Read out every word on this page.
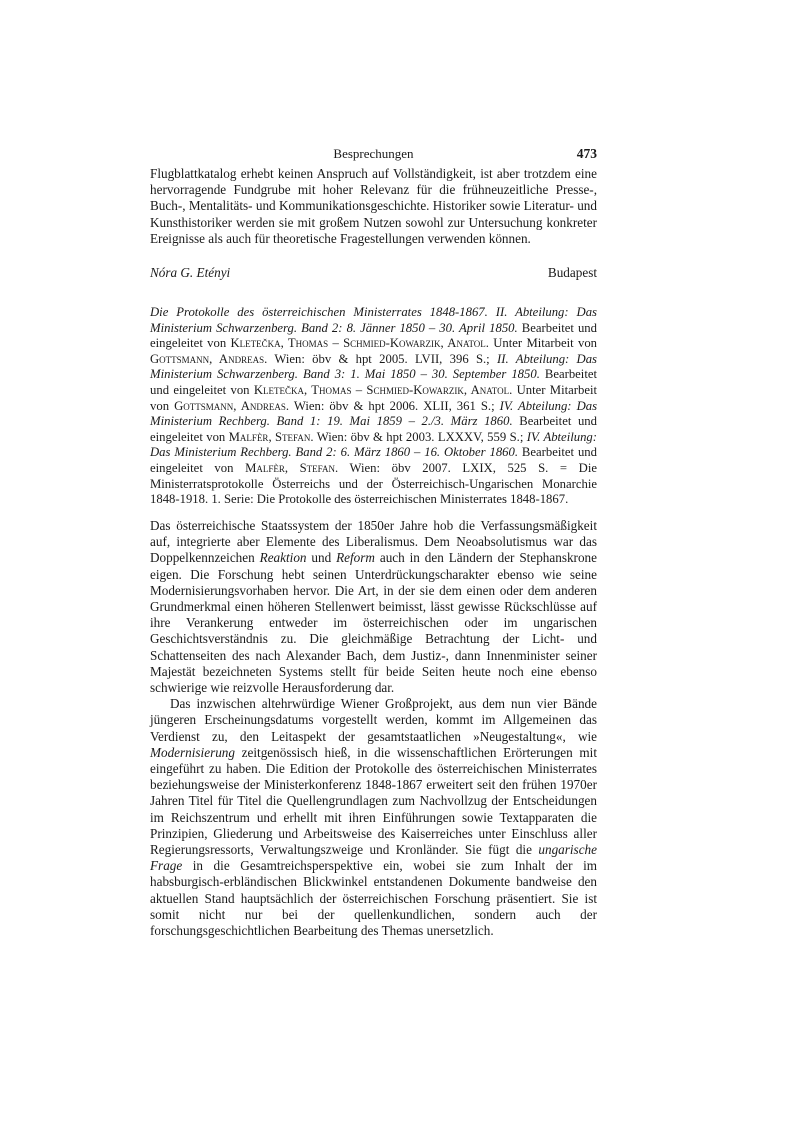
Besprechungen	473

Flugblattkatalog erhebt keinen Anspruch auf Vollständigkeit, ist aber trotzdem eine hervorragende Fundgrube mit hoher Relevanz für die frühneuzeitliche Presse-, Buch-, Mentalitäts- und Kommunikationsgeschichte. Historiker sowie Literatur- und Kunsthistoriker werden sie mit großem Nutzen sowohl zur Untersuchung konkreter Ereignisse als auch für theoretische Fragestellungen verwenden können.

Nóra G. Etényi	Budapest

Die Protokolle des österreichischen Ministerrates 1848-1867. II. Abteilung: Das Ministerium Schwarzenberg. Band 2: 8. Jänner 1850 – 30. April 1850. Bearbeitet und eingeleitet von Kletečka, Thomas – Schmied-Kowarzik, Anatol. Unter Mitarbeit von Gottsmann, Andreas. Wien: öbv & hpt 2005. LVII, 396 S.; II. Abteilung: Das Ministerium Schwarzenberg. Band 3: 1. Mai 1850 – 30. September 1850. Bearbeitet und eingeleitet von Kletečka, Thomas – Schmied-Kowarzik, Anatol. Unter Mitarbeit von Gottsmann, Andreas. Wien: öbv & hpt 2006. XLII, 361 S.; IV. Abteilung: Das Ministerium Rechberg. Band 1: 19. Mai 1859 – 2./3. März 1860. Bearbeitet und eingeleitet von Malfèr, Stefan. Wien: öbv & hpt 2003. LXXXV, 559 S.; IV. Abteilung: Das Ministerium Rechberg. Band 2: 6. März 1860 – 16. Oktober 1860. Bearbeitet und eingeleitet von Malfèr, Stefan. Wien: öbv 2007. LXIX, 525 S. = Die Ministerratsprotokolle Österreichs und der Österreichisch-Ungarischen Monarchie 1848-1918. 1. Serie: Die Protokolle des österreichischen Ministerrates 1848-1867.

Das österreichische Staatssystem der 1850er Jahre hob die Verfassungsmäßigkeit auf, integrierte aber Elemente des Liberalismus. Dem Neoabsolutismus war das Doppelkennzeichen Reaktion und Reform auch in den Ländern der Stephanskrone eigen. Die Forschung hebt seinen Unterdrückungscharakter ebenso wie seine Modernisierungsvorhaben hervor. Die Art, in der sie dem einen oder dem anderen Grundmerkmal einen höheren Stellenwert beimisst, lässt gewisse Rückschlüsse auf ihre Verankerung entweder im österreichischen oder im ungarischen Geschichtsverständnis zu. Die gleichmäßige Betrachtung der Licht- und Schattenseiten des nach Alexander Bach, dem Justiz-, dann Innenminister seiner Majestät bezeichneten Systems stellt für beide Seiten heute noch eine ebenso schwierige wie reizvolle Herausforderung dar.

Das inzwischen altehrwürdige Wiener Großprojekt, aus dem nun vier Bände jüngeren Erscheinungsdatums vorgestellt werden, kommt im Allgemeinen das Verdienst zu, den Leitaspekt der gesamtstaatlichen »Neugestaltung«, wie Modernisierung zeitgenössisch hieß, in die wissenschaftlichen Erörterungen mit eingeführt zu haben. Die Edition der Protokolle des österreichischen Ministerrates beziehungsweise der Ministerkonferenz 1848-1867 erweitert seit den frühen 1970er Jahren Titel für Titel die Quellengrundlagen zum Nachvollzug der Entscheidungen im Reichszentrum und erhellt mit ihren Einführungen sowie Textapparaten die Prinzipien, Gliederung und Arbeitsweise des Kaiserreiches unter Einschluss aller Regierungsressorts, Verwaltungszweige und Kronländer. Sie fügt die ungarische Frage in die Gesamtreichsperspektive ein, wobei sie zum Inhalt der im habsburgisch-erbländischen Blickwinkel entstandenen Dokumente bandweise den aktuellen Stand hauptsächlich der österreichischen Forschung präsentiert. Sie ist somit nicht nur bei der quellenkundlichen, sondern auch der forschungsgeschichtlichen Bearbeitung des Themas unersetzlich.
